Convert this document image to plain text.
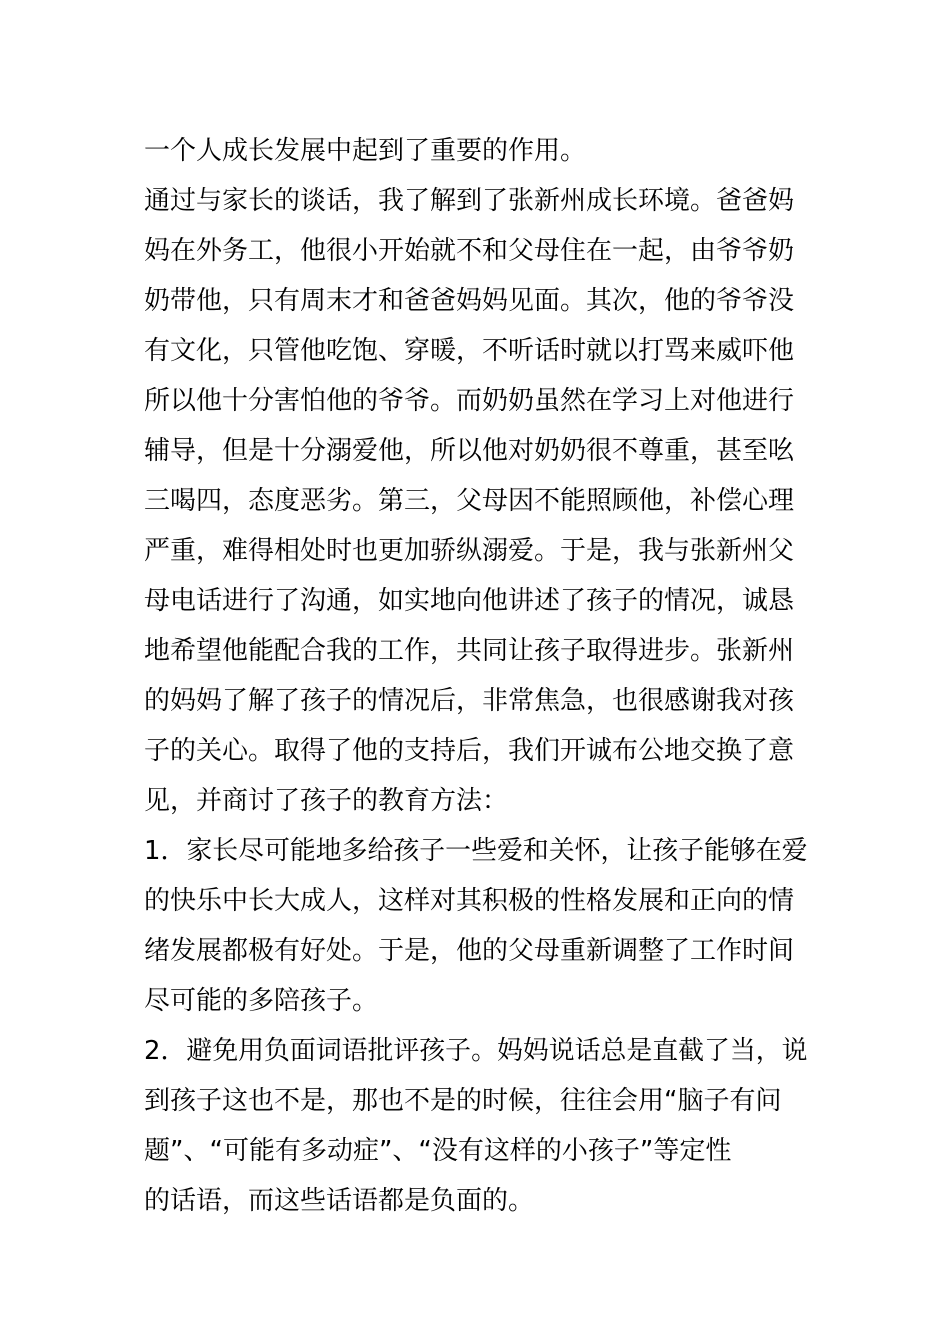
一个人成长发展中起到了重要的作用。
通过与家长的谈话，我了解到了张新州成长环境。爸爸妈
妈在外务工，他很小开始就不和父母住在一起，由爷爷奶
奶带他，只有周末才和爸爸妈妈见面。其次，他的爷爷没
有文化，只管他吃饱、穿暖，不听话时就以打骂来威吓他
所以他十分害怕他的爷爷。而奶奶虽然在学习上对他进行
辅导，但是十分溺爱他，所以他对奶奶很不尊重，甚至吆
三喝四，态度恶劣。第三，父母因不能照顾他，补偿心理
严重，难得相处时也更加骄纵溺爱。于是，我与张新州父
母电话进行了沟通，如实地向他讲述了孩子的情况，诚恳
地希望他能配合我的工作，共同让孩子取得进步。张新州
的妈妈了解了孩子的情况后，非常焦急，也很感谢我对孩
子的关心。取得了他的支持后，我们开诚布公地交换了意
见，并商讨了孩子的教育方法：
1．家长尽可能地多给孩子一些爱和关怀，让孩子能够在爱
的快乐中长大成人，这样对其积极的性格发展和正向的情
绪发展都极有好处。于是，他的父母重新调整了工作时间
尽可能的多陪孩子。
2．避免用负面词语批评孩子。妈妈说话总是直截了当，说
到孩子这也不是，那也不是的时候，往往会用“脑子有问
题”、“可能有多动症”、“没有这样的小孩子”等定性
的话语，而这些话语都是负面的。
